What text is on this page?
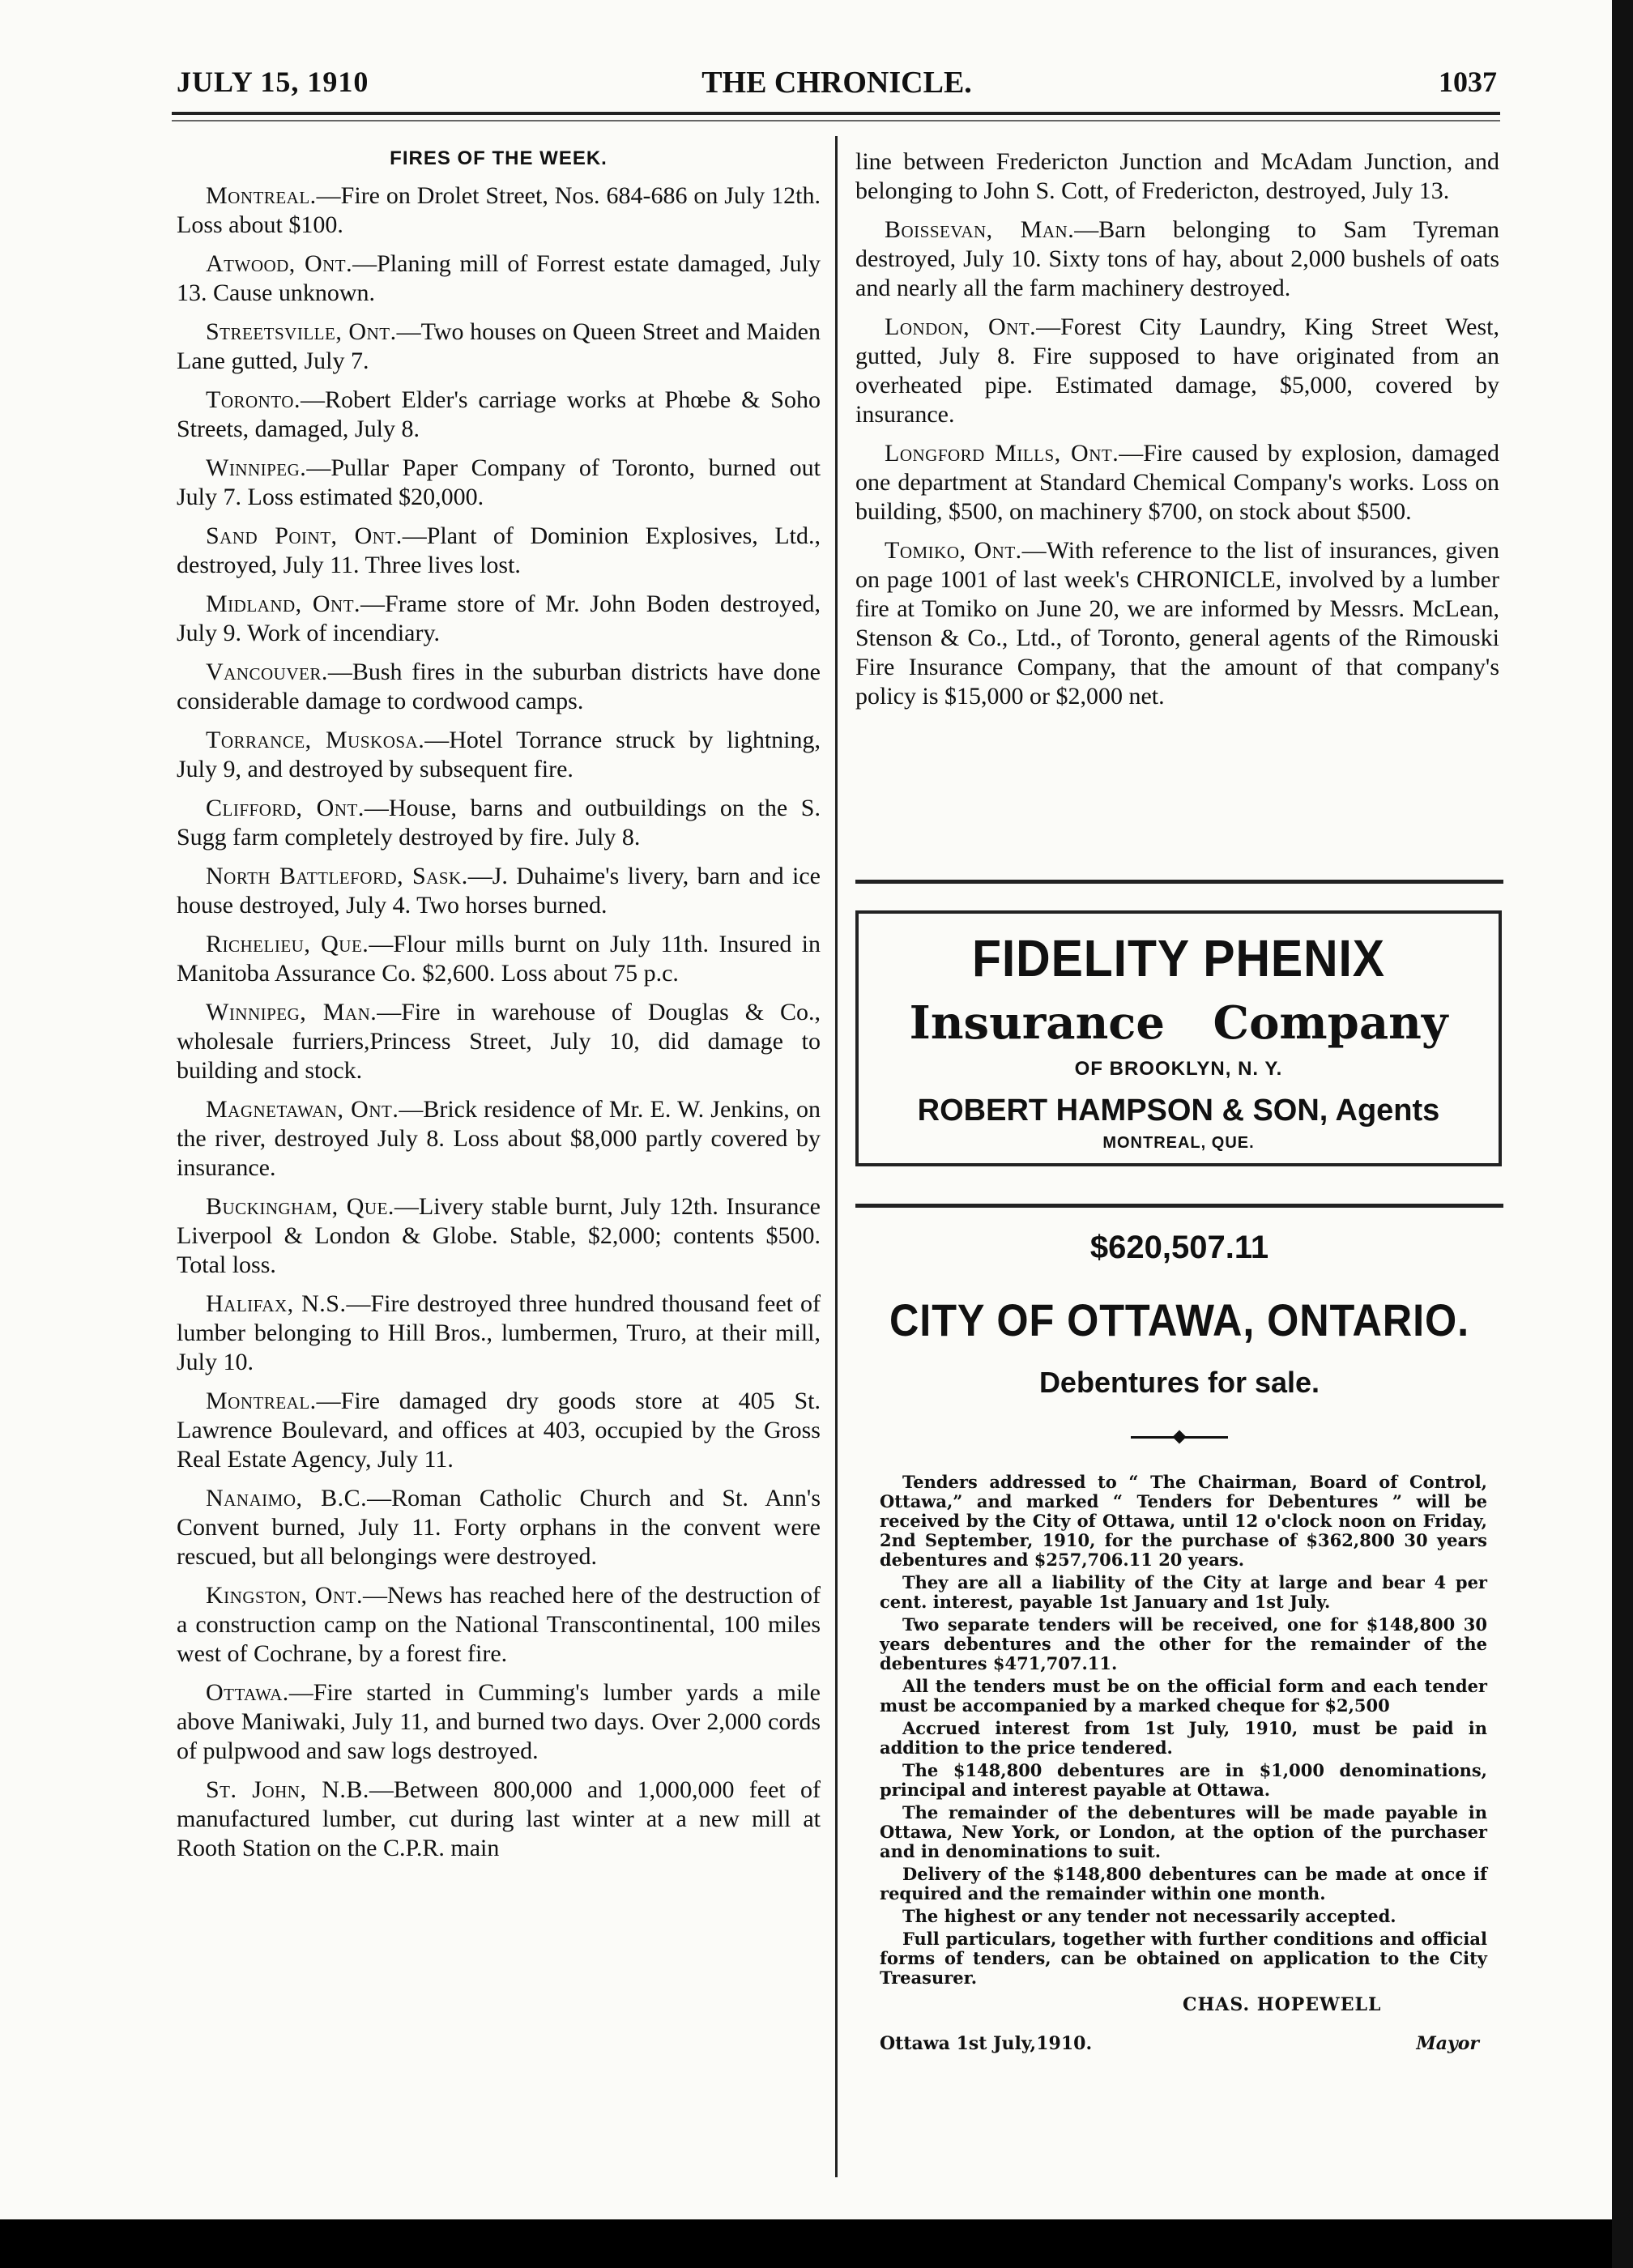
JULY 15, 1910	THE CHRONICLE.	1037
FIRES OF THE WEEK.

Montreal.—Fire on Drolet Street, Nos. 684-686 on July 12th. Loss about $100.

Atwood, Ont.—Planing mill of Forrest estate damaged, July 13. Cause unknown.

Streetsville, Ont.—Two houses on Queen Street and Maiden Lane gutted, July 7.

Toronto.—Robert Elder's carriage works at Phœbe & Soho Streets, damaged, July 8.

Winnipeg.—Pullar Paper Company of Toronto, burned out July 7. Loss estimated $20,000.

Sand Point, Ont.—Plant of Dominion Explosives, Ltd., destroyed, July 11. Three lives lost.

Midland, Ont.—Frame store of Mr. John Boden destroyed, July 9. Work of incendiary.

Vancouver.—Bush fires in the suburban districts have done considerable damage to cordwood camps.

Torrance, Muskosa.—Hotel Torrance struck by lightning, July 9, and destroyed by subsequent fire.

Clifford, Ont.—House, barns and outbuildings on the S. Sugg farm completely destroyed by fire. July 8.

North Battleford, Sask.—J. Duhaime's livery, barn and ice house destroyed, July 4. Two horses burned.

Richelieu, Que.—Flour mills burnt on July 11th. Insured in Manitoba Assurance Co. $2,600. Loss about 75 p.c.

Winnipeg, Man.—Fire in warehouse of Douglas & Co., wholesale furriers,Princess Street, July 10, did damage to building and stock.

Magnetawan, Ont.—Brick residence of Mr. E. W. Jenkins, on the river, destroyed July 8. Loss about $8,000 partly covered by insurance.

Buckingham, Que.—Livery stable burnt, July 12th. Insurance Liverpool & London & Globe. Stable, $2,000; contents $500. Total loss.

Halifax, N.S.—Fire destroyed three hundred thousand feet of lumber belonging to Hill Bros., lumbermen, Truro, at their mill, July 10.

Montreal.—Fire damaged dry goods store at 405 St. Lawrence Boulevard, and offices at 403, occupied by the Gross Real Estate Agency, July 11.

Nanaimo, B.C.—Roman Catholic Church and St. Ann's Convent burned, July 11. Forty orphans in the convent were rescued, but all belongings were destroyed.

Kingston, Ont.—News has reached here of the destruction of a construction camp on the National Transcontinental, 100 miles west of Cochrane, by a forest fire.

Ottawa.—Fire started in Cumming's lumber yards a mile above Maniwaki, July 11, and burned two days. Over 2,000 cords of pulpwood and saw logs destroyed.

St. John, N.B.—Between 800,000 and 1,000,000 feet of manufactured lumber, cut during last winter at a new mill at Rooth Station on the C.P.R. main

line between Fredericton Junction and McAdam Junction, and belonging to John S. Cott, of Fredericton, destroyed, July 13.

Boissevan, Man.—Barn belonging to Sam Tyreman destroyed, July 10. Sixty tons of hay, about 2,000 bushels of oats and nearly all the farm machinery destroyed.

London, Ont.—Forest City Laundry, King Street West, gutted, July 8. Fire supposed to have originated from an overheated pipe. Estimated damage, $5,000, covered by insurance.

Longford Mills, Ont.—Fire caused by explosion, damaged one department at Standard Chemical Company's works. Loss on building, $500, on machinery $700, on stock about $500.

Tomiko, Ont.—With reference to the list of insurances, given on page 1001 of last week's CHRONICLE, involved by a lumber fire at Tomiko on June 20, we are informed by Messrs. McLean, Stenson & Co., Ltd., of Toronto, general agents of the Rimouski Fire Insurance Company, that the amount of that company's policy is $15,000 or $2,000 net.

FIDELITY PHENIX
Insurance Company
OF BROOKLYN, N. Y.
ROBERT HAMPSON & SON, Agents
MONTREAL, QUE.
$620,507.11
CITY OF OTTAWA, ONTARIO.
Debentures for sale.

Tenders addressed to “ The Chairman, Board of Control, Ottawa,” and marked “ Tenders for Debentures ” will be received by the City of Ottawa, until 12 o'clock noon on Friday, 2nd September, 1910, for the purchase of $362,800 30 years debentures and $257,706.11 20 years.

They are all a liability of the City at large and bear 4 per cent. interest, payable 1st January and 1st July.

Two separate tenders will be received, one for $148,800 30 years debentures and the other for the remainder of the debentures $471,707.11.

All the tenders must be on the official form and each tender must be accompanied by a marked cheque for $2,500

Accrued interest from 1st July, 1910, must be paid in addition to the price tendered.

The $148,800 debentures are in $1,000 denominations, principal and interest payable at Ottawa.

The remainder of the debentures will be made payable in Ottawa, New York, or London, at the option of the purchaser and in denominations to suit.

Delivery of the $148,800 debentures can be made at once if required and the remainder within one month.

The highest or any tender not necessarily accepted.

Full particulars, together with further conditions and official forms of tenders, can be obtained on application to the City Treasurer.

CHAS. HOPEWELL
Ottawa 1st July,1910.	Mayor
